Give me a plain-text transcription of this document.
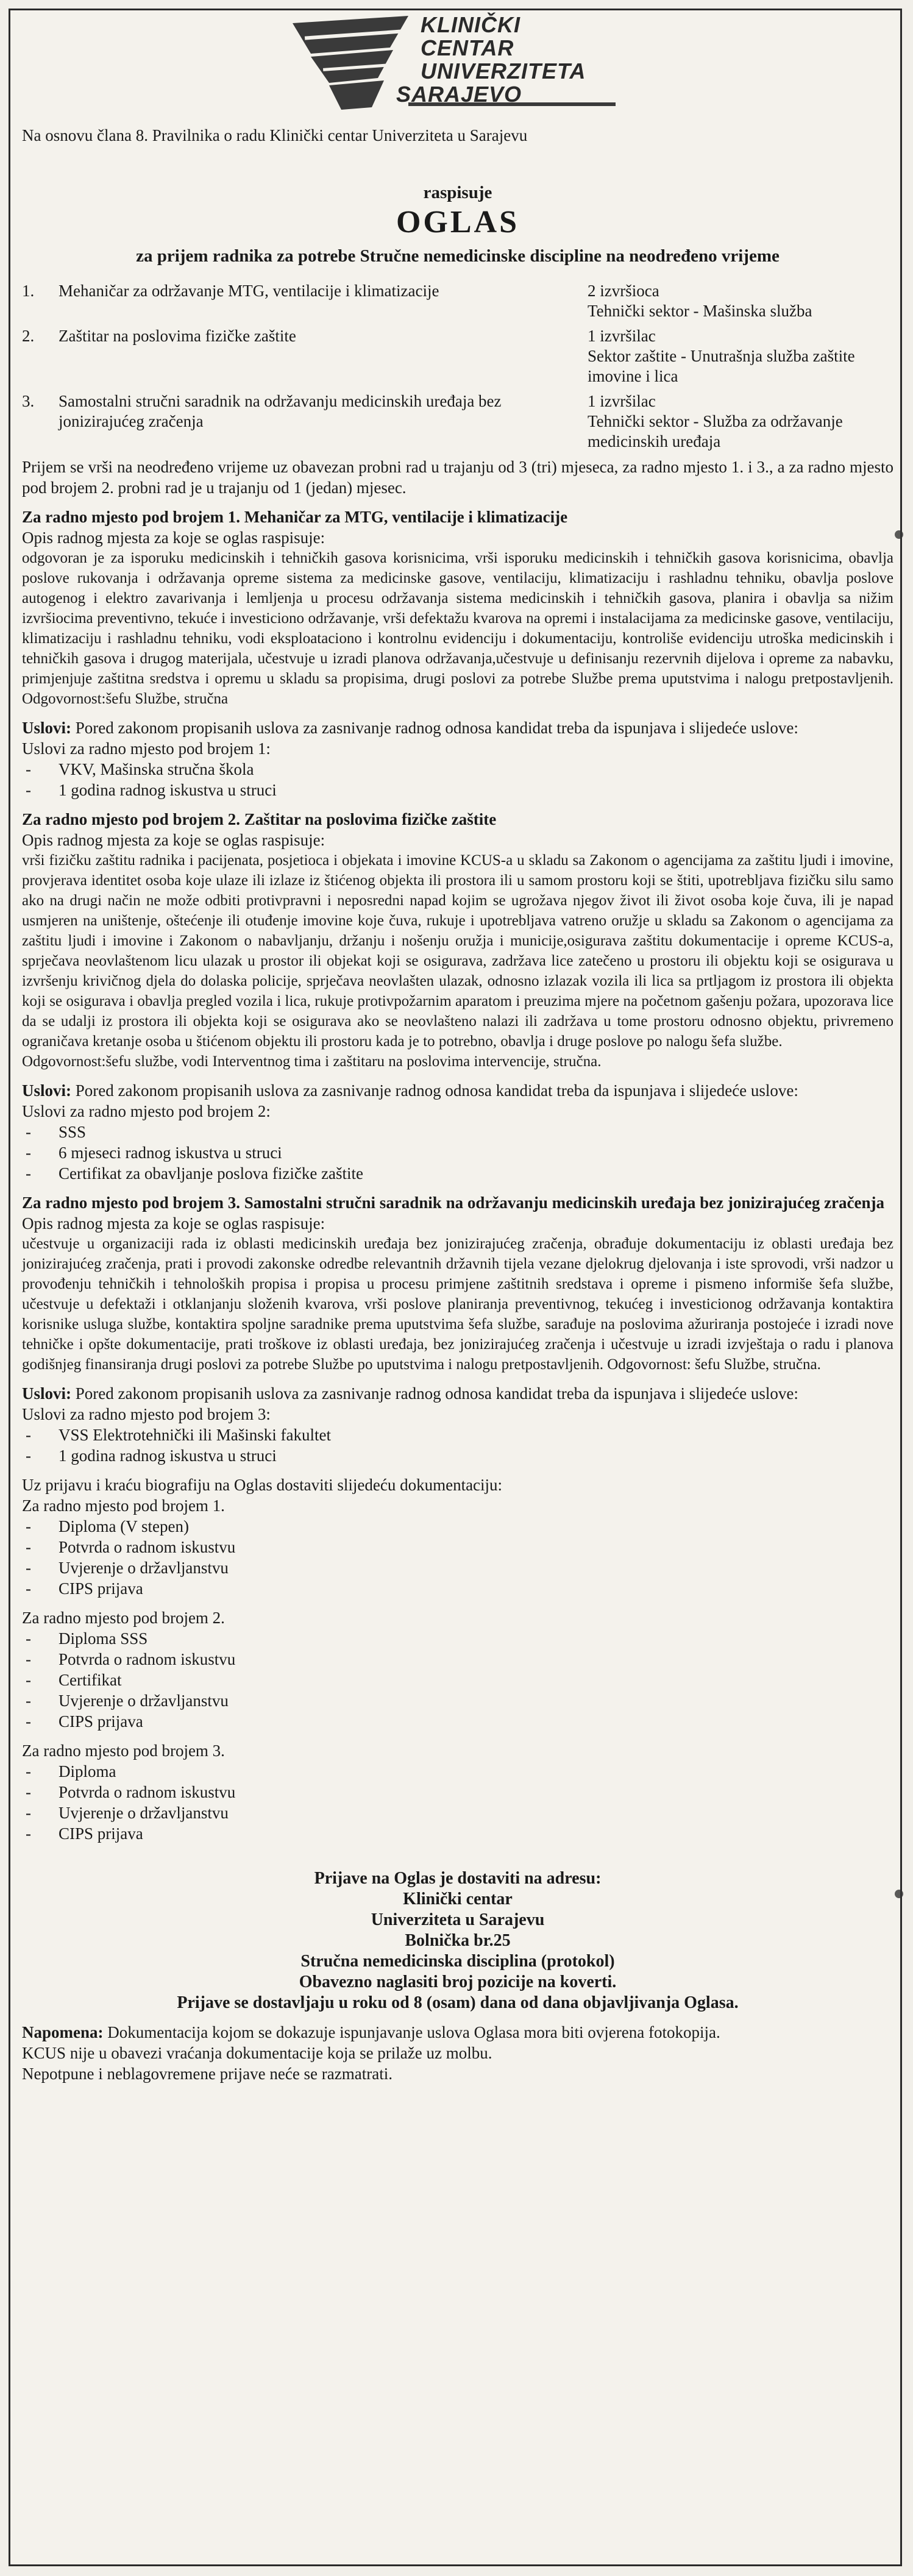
KLINIČKI
CENTAR
UNIVERZITETA
SARAJEVO

Na osnovu člana 8. Pravilnika o radu Klinički centar Univerziteta u Sarajevu

raspisuje

OGLAS

za prijem radnika za potrebe Stručne nemedicinske discipline na neodređeno vrijeme

1.	Mehaničar za održavanje MTG, ventilacije i klimatizacije	2 izvršioca
Tehnički sektor - Mašinska služba
2.	Zaštitar na poslovima fizičke zaštite	1 izvršilac
Sektor zaštite - Unutrašnja služba zaštite imovine i lica
3.	Samostalni stručni saradnik na održavanju medicinskih uređaja bez jonizirajućeg zračenja	1 izvršilac
Tehnički sektor - Služba za održavanje medicinskih uređaja

Prijem se vrši na neodređeno vrijeme uz obavezan probni rad u trajanju od 3 (tri) mjeseca, za radno mjesto 1. i 3., a za radno mjesto pod brojem 2. probni rad je u trajanju od 1 (jedan) mjesec.

Za radno mjesto pod brojem 1. Mehaničar za MTG, ventilacije i klimatizacije

Opis radnog mjesta za koje se oglas raspisuje:

odgovoran je za isporuku medicinskih i tehničkih gasova korisnicima, vrši isporuku medicinskih i tehničkih gasova korisnicima, obavlja poslove rukovanja i održavanja opreme sistema za medicinske gasove, ventilaciju, klimatizaciju i rashladnu tehniku, obavlja poslove autogenog i elektro zavarivanja i lemljenja u procesu održavanja sistema medicinskih i tehničkih gasova, planira i obavlja sa nižim izvršiocima preventivno, tekuće i investiciono održavanje, vrši defektažu kvarova na opremi i instalacijama za medicinske gasove, ventilaciju, klimatizaciju i rashladnu tehniku, vodi eksploataciono i kontrolnu evidenciju i dokumentaciju, kontroliše evidenciju utroška medicinskih i tehničkih gasova i drugog materijala, učestvuje u izradi planova održavanja,učestvuje u definisanju rezervnih dijelova i opreme za nabavku, primjenjuje zaštitna sredstva i opremu u skladu sa propisima, drugi poslovi za potrebe Službe prema uputstvima i nalogu pretpostavljenih. Odgovornost:šefu Službe, stručna

Uslovi: Pored zakonom propisanih uslova za zasnivanje radnog odnosa kandidat treba da ispunjava i slijedeće uslove:

Uslovi za radno mjesto pod brojem 1:

- VKV, Mašinska stručna škola
- 1 godina radnog iskustva u struci

Za radno mjesto pod brojem 2. Zaštitar na poslovima fizičke zaštite

Opis radnog mjesta za koje se oglas raspisuje:

vrši fizičku zaštitu radnika i pacijenata, posjetioca i objekata i imovine KCUS-a u skladu sa Zakonom o agencijama za zaštitu ljudi i imovine, provjerava identitet osoba koje ulaze ili izlaze iz štićenog objekta ili prostora ili u samom prostoru koji se štiti, upotrebljava fizičku silu samo ako na drugi način ne može odbiti protivpravni i neposredni napad kojim se ugrožava njegov život ili život osoba koje čuva, ili je napad usmjeren na uništenje, oštećenje ili otuđenje imovine koje čuva, rukuje i upotrebljava vatreno oružje u skladu sa Zakonom o agencijama za zaštitu ljudi i imovine i Zakonom o nabavljanju, držanju i nošenju oružja i municije,osigurava zaštitu dokumentacije i opreme KCUS-a, sprječava neovlaštenom licu ulazak u prostor ili objekat koji se osigurava, zadržava lice zatečeno u prostoru ili objektu koji se osigurava u izvršenju krivičnog djela do dolaska policije, sprječava neovlašten ulazak, odnosno izlazak vozila ili lica sa prtljagom iz prostora ili objekta koji se osigurava i obavlja pregled vozila i lica, rukuje protivpožarnim aparatom i preuzima mjere na početnom gašenju požara, upozorava lice da se udalji iz prostora ili objekta koji se osigurava ako se neovlašteno nalazi ili zadržava u tome prostoru odnosno objektu, privremeno ograničava kretanje osoba u štićenom objektu ili prostoru kada je to potrebno, obavlja i druge poslove po nalogu šefa službe.

Odgovornost:šefu službe, vodi Interventnog tima i zaštitaru na poslovima intervencije, stručna.

Uslovi: Pored zakonom propisanih uslova za zasnivanje radnog odnosa kandidat treba da ispunjava i slijedeće uslove:

Uslovi za radno mjesto pod brojem 2:

- SSS
- 6 mjeseci radnog iskustva u struci
- Certifikat za obavljanje poslova fizičke zaštite

Za radno mjesto pod brojem 3. Samostalni stručni saradnik na održavanju medicinskih uređaja bez jonizirajućeg zračenja

Opis radnog mjesta za koje se oglas raspisuje:

učestvuje u organizaciji rada iz oblasti medicinskih uređaja bez jonizirajućeg zračenja, obrađuje dokumentaciju iz oblasti uređaja bez jonizirajućeg zračenja, prati i provodi zakonske odredbe relevantnih državnih tijela vezane djelokrug djelovanja i iste sprovodi, vrši nadzor u provođenju tehničkih i tehnoloških propisa i propisa u procesu primjene zaštitnih sredstava i opreme i pismeno informiše šefa službe, učestvuje u defektaži i otklanjanju složenih kvarova, vrši poslove planiranja preventivnog, tekućeg i investicionog održavanja kontaktira korisnike usluga službe, kontaktira spoljne saradnike prema uputstvima šefa službe, sarađuje na poslovima ažuriranja postojeće i izradi nove tehničke i opšte dokumentacije, prati troškove iz oblasti uređaja, bez jonizirajućeg zračenja i učestvuje u izradi izvještaja o radu i planova godišnjeg finansiranja drugi poslovi za potrebe Službe po uputstvima i nalogu pretpostavljenih. Odgovornost: šefu Službe, stručna.

Uslovi: Pored zakonom propisanih uslova za zasnivanje radnog odnosa kandidat treba da ispunjava i slijedeće uslove:

Uslovi za radno mjesto pod brojem 3:

- VSS Elektrotehnički ili Mašinski fakultet
- 1 godina radnog iskustva u struci

Uz prijavu i kraću biografiju na Oglas dostaviti slijedeću dokumentaciju:

Za radno mjesto pod brojem 1.

- Diploma (V stepen)
- Potvrda o radnom iskustvu
- Uvjerenje o državljanstvu
- CIPS prijava

Za radno mjesto pod brojem 2.

- Diploma SSS
- Potvrda o radnom iskustvu
- Certifikat
- Uvjerenje o državljanstvu
- CIPS prijava

Za radno mjesto pod brojem 3.

- Diploma
- Potvrda o radnom iskustvu
- Uvjerenje o državljanstvu
- CIPS prijava

Prijave na Oglas je dostaviti na adresu:

Klinički centar

Univerziteta u Sarajevu

Bolnička br.25

Stručna nemedicinska disciplina (protokol)

Obavezno naglasiti broj pozicije na koverti.

Prijave se dostavljaju u roku od 8 (osam) dana od dana objavljivanja Oglasa.

Napomena: Dokumentacija kojom se dokazuje ispunjavanje uslova Oglasa mora biti ovjerena fotokopija.

KCUS nije u obavezi vraćanja dokumentacije koja se prilaže uz molbu.

Nepotpune i neblagovremene prijave neće se razmatrati.
